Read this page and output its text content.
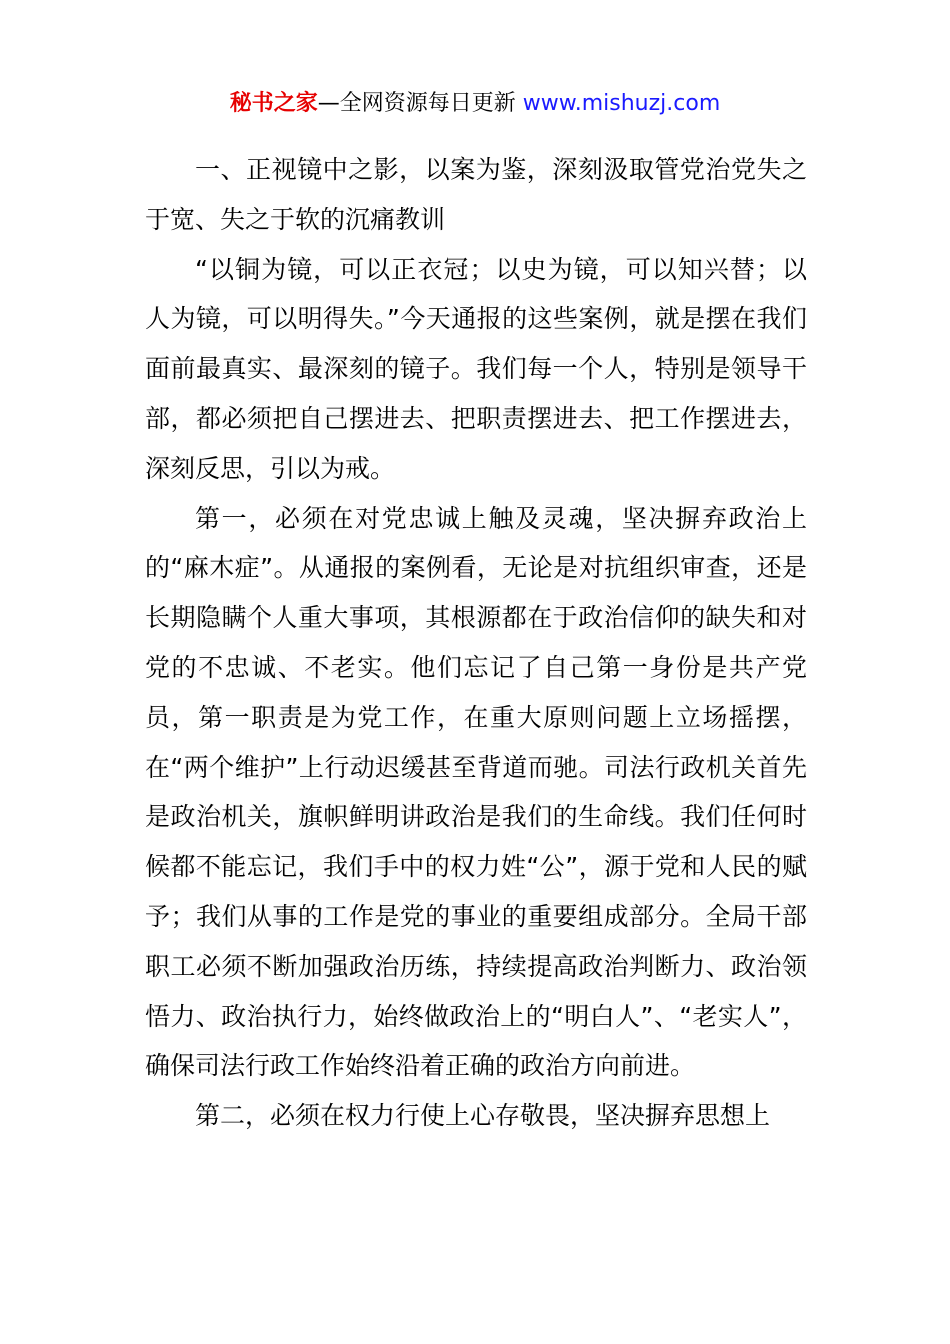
秘书之家—全网资源每日更新 www.mishuzj.com

一、正视镜中之影，以案为鉴，深刻汲取管党治党失之于宽、失之于软的沉痛教训

“以铜为镜，可以正衣冠；以史为镜，可以知兴替；以人为镜，可以明得失。”今天通报的这些案例，就是摆在我们面前最真实、最深刻的镜子。我们每一个人，特别是领导干部，都必须把自己摆进去、把职责摆进去、把工作摆进去，深刻反思，引以为戒。

第一，必须在对党忠诚上触及灵魂，坚决摒弃政治上的“麻木症”。从通报的案例看，无论是对抗组织审查，还是长期隐瞒个人重大事项，其根源都在于政治信仰的缺失和对党的不忠诚、不老实。他们忘记了自己第一身份是共产党员，第一职责是为党工作，在重大原则问题上立场摇摆，在“两个维护”上行动迟缓甚至背道而驰。司法行政机关首先是政治机关，旗帜鲜明讲政治是我们的生命线。我们任何时候都不能忘记，我们手中的权力姓“公”，源于党和人民的赋予；我们从事的工作是党的事业的重要组成部分。全局干部职工必须不断加强政治历练，持续提高政治判断力、政治领悟力、政治执行力，始终做政治上的“明白人”、“老实人”，确保司法行政工作始终沿着正确的政治方向前进。

第二，必须在权力行使上心存敬畏，坚决摒弃思想上
